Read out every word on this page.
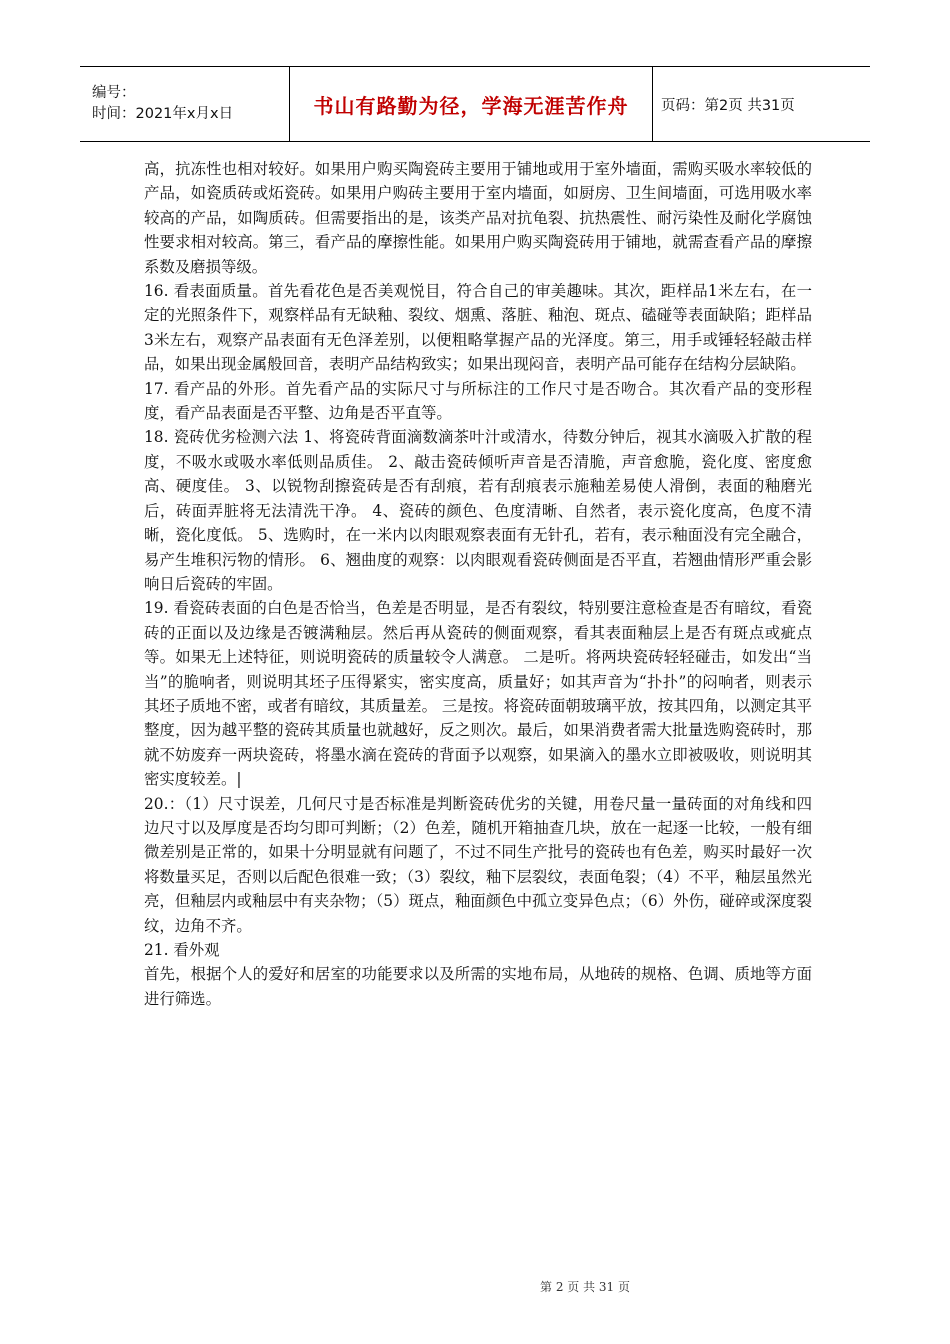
编号：
时间：2021年x月x日	书山有路勤为径，学海无涯苦作舟	页码：第2页 共31页

高，抗冻性也相对较好。如果用户购买陶瓷砖主要用于铺地或用于室外墙面，需购买吸水率较低的产品，如瓷质砖或炻瓷砖。如果用户购砖主要用于室内墙面，如厨房、卫生间墙面，可选用吸水率较高的产品，如陶质砖。但需要指出的是，该类产品对抗龟裂、抗热震性、耐污染性及耐化学腐蚀性要求相对较高。第三，看产品的摩擦性能。如果用户购买陶瓷砖用于铺地，就需查看产品的摩擦系数及磨损等级。

16. 看表面质量。首先看花色是否美观悦目，符合自己的审美趣味。其次，距样品1米左右，在一定的光照条件下，观察样品有无缺釉、裂纹、烟熏、落脏、釉泡、斑点、磕碰等表面缺陷；距样品3米左右，观察产品表面有无色泽差别，以便粗略掌握产品的光泽度。第三，用手或锤轻轻敲击样品，如果出现金属般回音，表明产品结构致实；如果出现闷音，表明产品可能存在结构分层缺陷。

17. 看产品的外形。首先看产品的实际尺寸与所标注的工作尺寸是否吻合。其次看产品的变形程度，看产品表面是否平整、边角是否平直等。

18. 瓷砖优劣检测六法 1、将瓷砖背面滴数滴茶叶汁或清水，待数分钟后，视其水滴吸入扩散的程度，不吸水或吸水率低则品质佳。 2、敲击瓷砖倾听声音是否清脆，声音愈脆，瓷化度、密度愈高、硬度佳。 3、以锐物刮擦瓷砖是否有刮痕，若有刮痕表示施釉差易使人滑倒，表面的釉磨光后，砖面弄脏将无法清洗干净。 4、瓷砖的颜色、色度清晰、自然者，表示瓷化度高，色度不清晰，瓷化度低。 5、选购时，在一米内以肉眼观察表面有无针孔，若有，表示釉面没有完全融合，易产生堆积污物的情形。 6、翘曲度的观察：以肉眼观看瓷砖侧面是否平直，若翘曲情形严重会影响日后瓷砖的牢固。

19. 看瓷砖表面的白色是否恰当，色差是否明显，是否有裂纹，特别要注意检查是否有暗纹，看瓷砖的正面以及边缘是否镀满釉层。然后再从瓷砖的侧面观察，看其表面釉层上是否有斑点或疵点等。如果无上述特征，则说明瓷砖的质量较令人满意。 二是听。将两块瓷砖轻轻碰击，如发出“当当”的脆响者，则说明其坯子压得紧实，密实度高，质量好；如其声音为“扑扑”的闷响者，则表示其坯子质地不密，或者有暗纹，其质量差。 三是按。将瓷砖面朝玻璃平放，按其四角，以测定其平整度，因为越平整的瓷砖其质量也就越好，反之则次。最后，如果消费者需大批量选购瓷砖时，那就不妨废弃一两块瓷砖，将墨水滴在瓷砖的背面予以观察，如果滴入的墨水立即被吸收，则说明其密实度较差。|

20.：（1）尺寸误差，几何尺寸是否标准是判断瓷砖优劣的关键，用卷尺量一量砖面的对角线和四边尺寸以及厚度是否均匀即可判断；（2）色差，随机开箱抽查几块，放在一起逐一比较，一般有细微差别是正常的，如果十分明显就有问题了，不过不同生产批号的瓷砖也有色差，购买时最好一次将数量买足，否则以后配色很难一致；（3）裂纹，釉下层裂纹，表面龟裂；（4）不平，釉层虽然光亮，但釉层内或釉层中有夹杂物；（5）斑点，釉面颜色中孤立变异色点；（6）外伤，碰碎或深度裂纹，边角不齐。

21. 看外观

首先，根据个人的爱好和居室的功能要求以及所需的实地布局，从地砖的规格、色调、质地等方面进行筛选。

第 2 页 共 31 页
